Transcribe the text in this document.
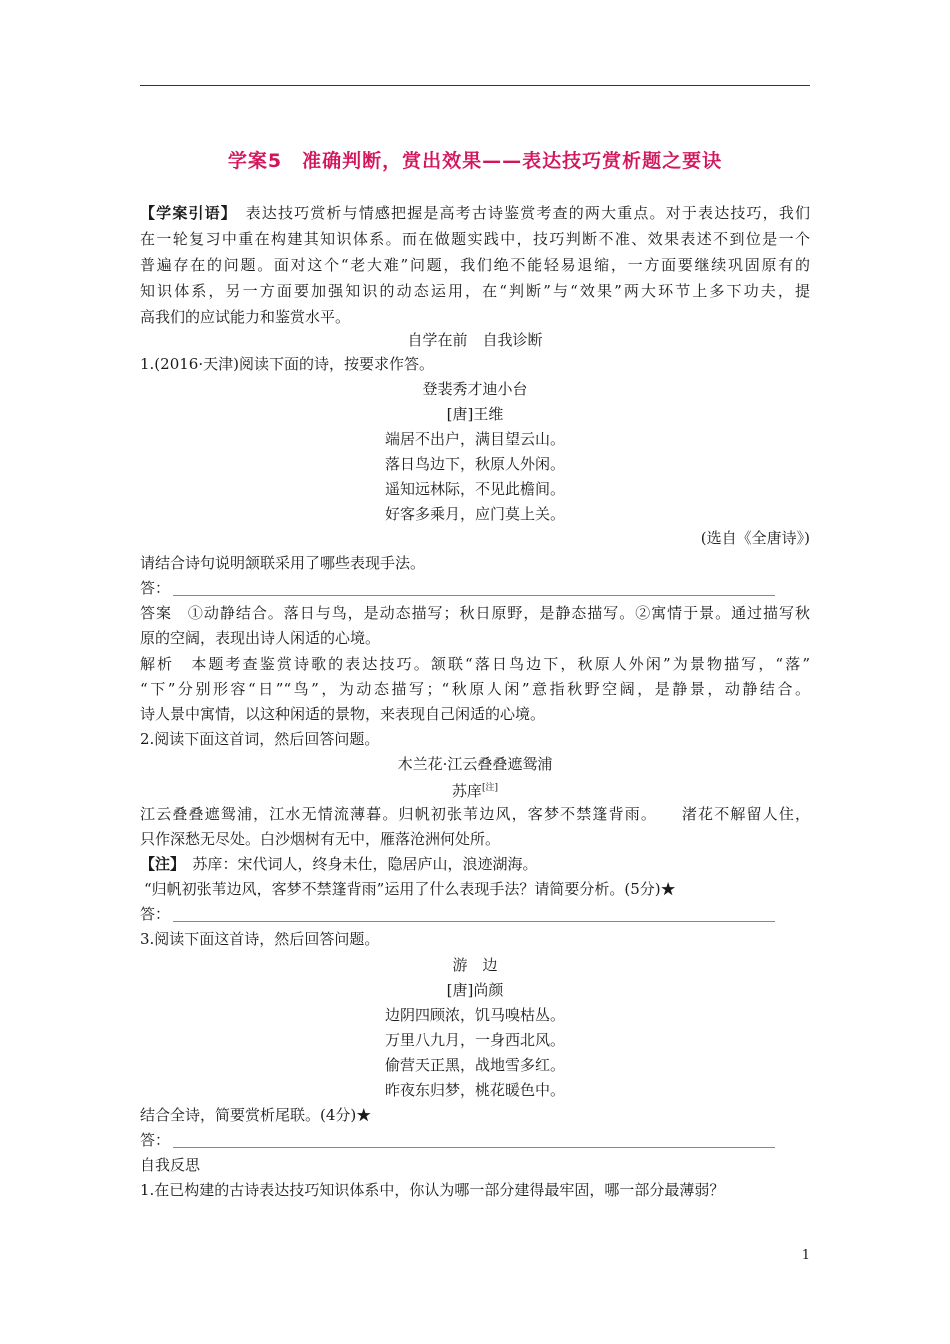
学案5　准确判断，赏出效果——表达技巧赏析题之要诀
【学案引语】　 表达技巧赏析与情感把握是高考古诗鉴赏考查的两大重点。对于表达技巧，我们
在一轮复习中重在构建其知识体系。而在做题实践中，技巧判断不准、效果表述不到位是一个
普遍存在的问题。面对这个“老大难”问题，我们绝不能轻易退缩，一方面要继续巩固原有的
知识体系，另一方面要加强知识的动态运用，在“判断”与“效果”两大环节上多下功夫，提
高我们的应试能力和鉴赏水平。
自学在前　自我诊断
1.(2016·天津)阅读下面的诗，按要求作答。
登裴秀才迪小台
[唐]王维
端居不出户，满目望云山。
落日鸟边下，秋原人外闲。
遥知远林际，不见此檐间。
好客多乘月，应门莫上关。
(选自《全唐诗》)
请结合诗句说明颔联采用了哪些表现手法。
答：
答案　①动静结合。落日与鸟，是动态描写；秋日原野，是静态描写。②寓情于景。通过描写秋
原的空阔，表现出诗人闲适的心境。
解析　本题考查鉴赏诗歌的表达技巧。颔联“落日鸟边下，秋原人外闲”为景物描写，“落”
“下”分别形容“日”“鸟”，为动态描写；“秋原人闲”意指秋野空阔，是静景，动静结合。
诗人景中寓情，以这种闲适的景物，来表现自己闲适的心境。
2.阅读下面这首词，然后回答问题。
木兰花·江云叠叠遮鸳浦
苏庠[注]
江云叠叠遮鸳浦，江水无情流薄暮。归帆初张苇边风，客梦不禁篷背雨。　　渚花不解留人住，
只作深愁无尽处。白沙烟树有无中，雁落沧洲何处所。
【注】　 苏庠：宋代词人，终身未仕，隐居庐山，浪迹湖海。
“归帆初张苇边风，客梦不禁篷背雨”运用了什么表现手法？请简要分析。(5分)★
答：
3.阅读下面这首诗，然后回答问题。
游　边
[唐]尚颜
边阴四顾浓，饥马嗅枯丛。
万里八九月，一身西北风。
偷营天正黑，战地雪多红。
昨夜东归梦，桃花暖色中。
结合全诗，简要赏析尾联。(4分)★
答：
自我反思
1.在已构建的古诗表达技巧知识体系中，你认为哪一部分建得最牢固，哪一部分最薄弱？
1
